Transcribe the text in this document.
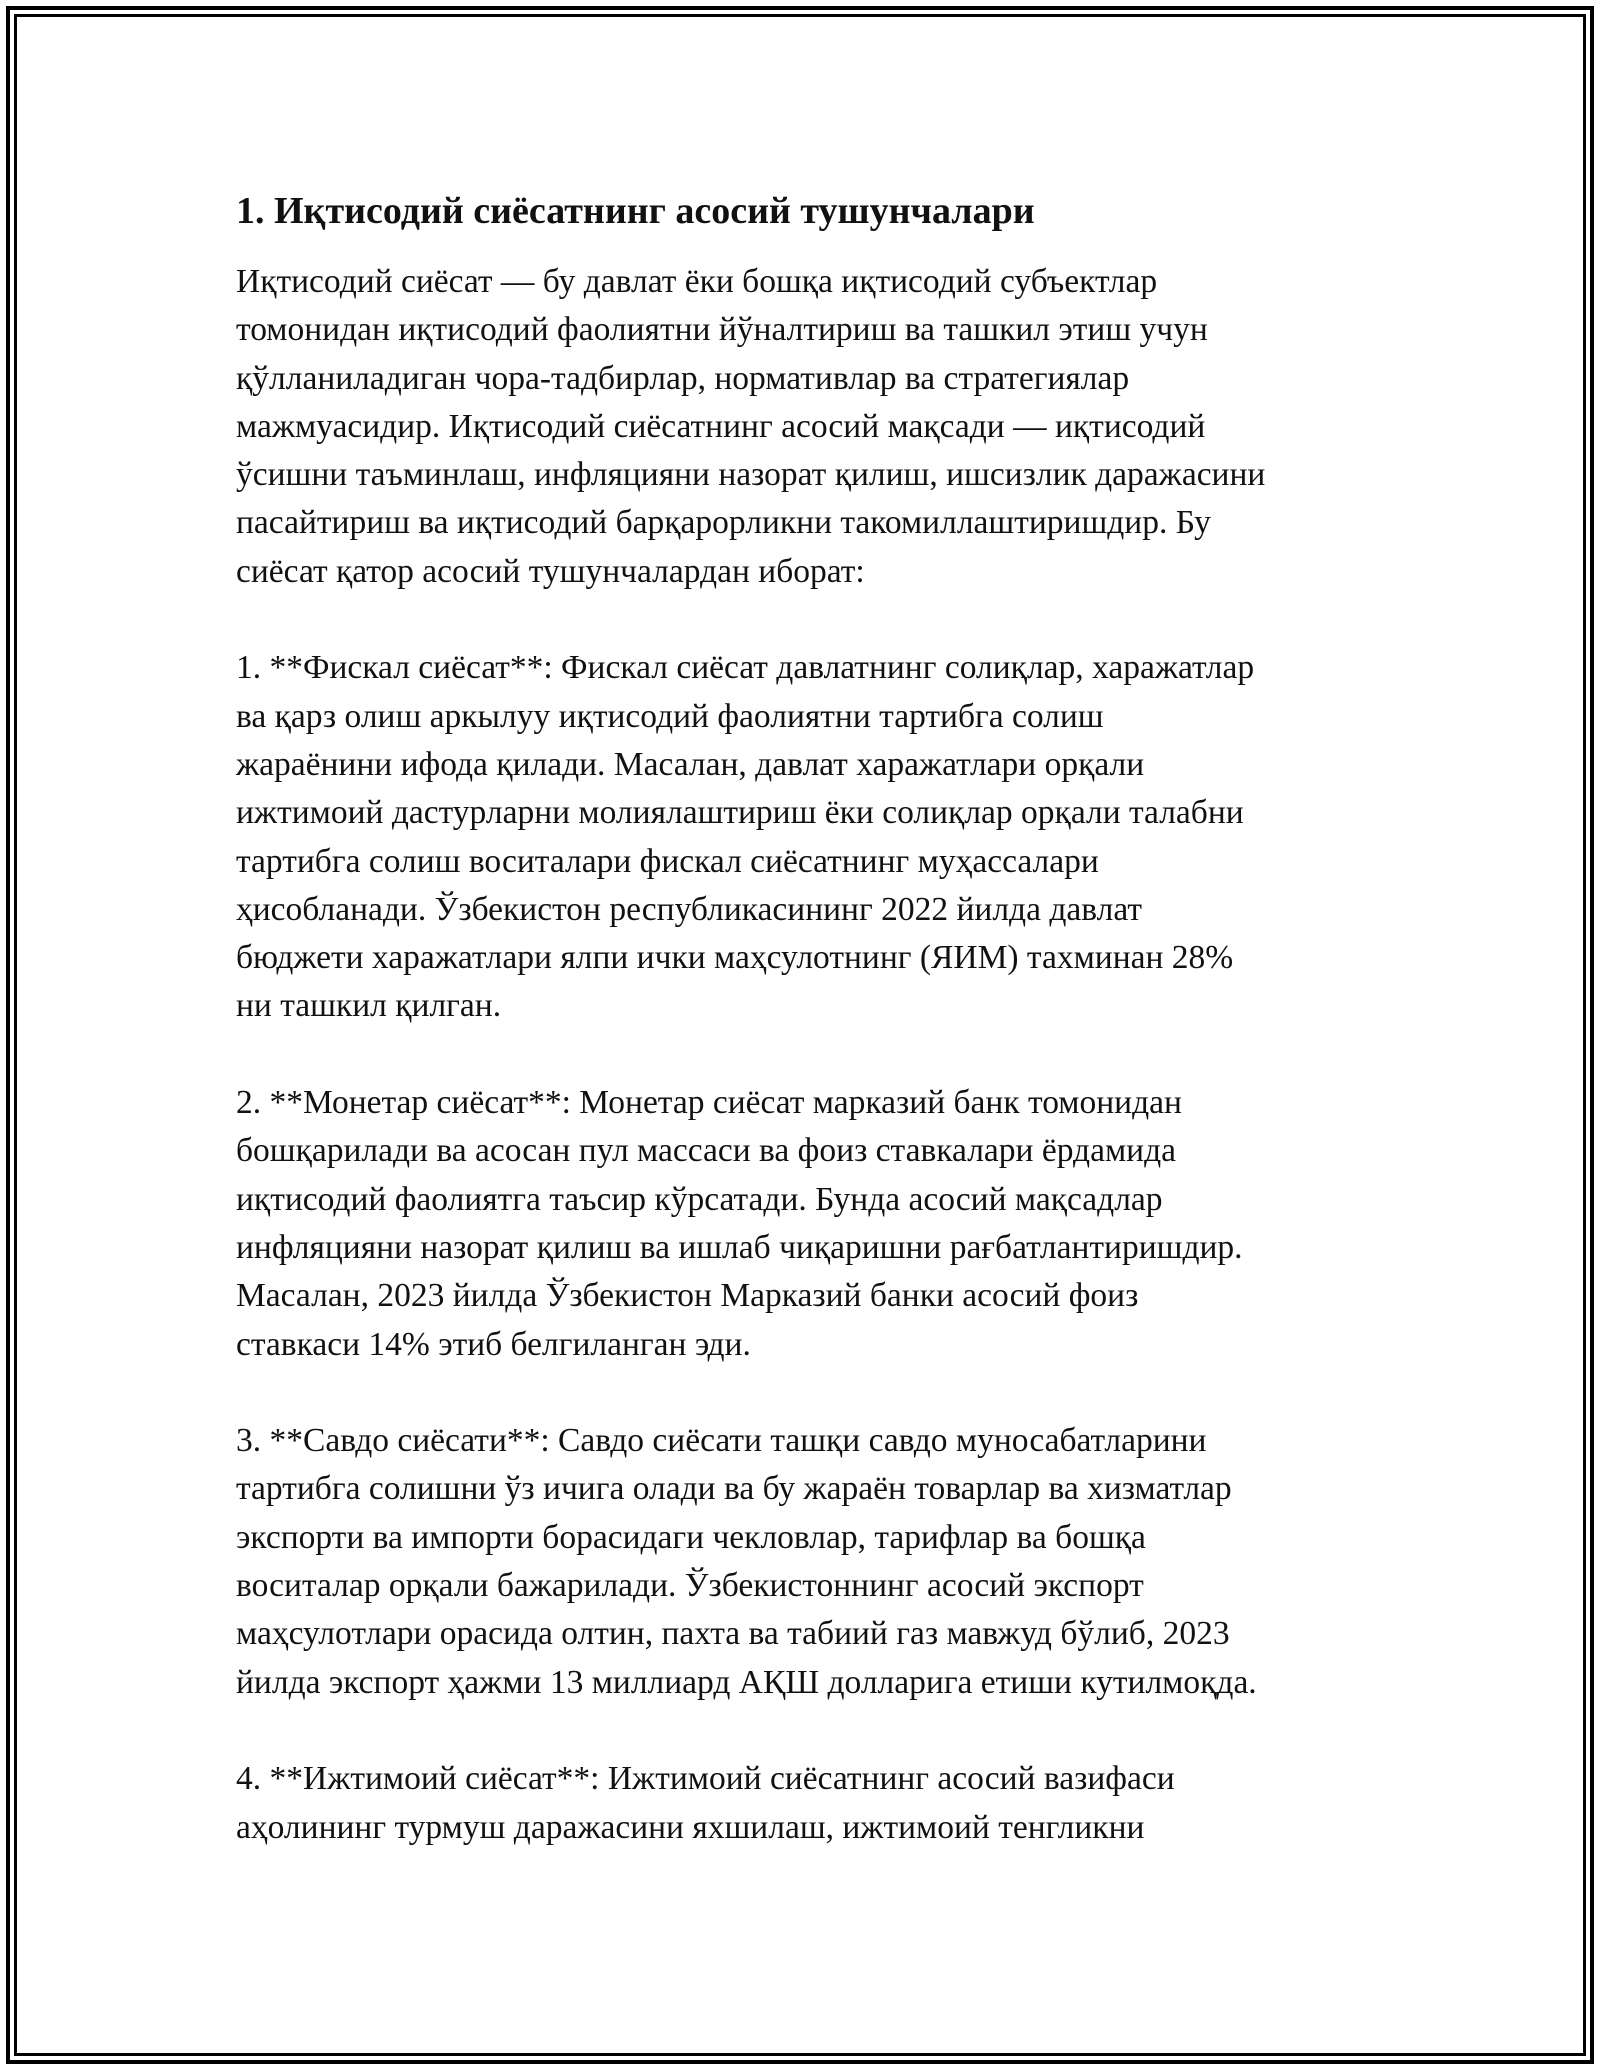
1. Иқтисодий сиёсатнинг асосий тушунчалари
Иқтисодий сиёсат — бу давлат ёки бошқа иқтисодий субъектлар
томонидан иқтисодий фаолиятни йўналтириш ва ташкил этиш учун
қўлланиладиган чора-тадбирлар, нормативлар ва стратегиялар
мажмуасидир. Иқтисодий сиёсатнинг асосий мақсади — иқтисодий
ўсишни таъминлаш, инфляцияни назорат қилиш, ишсизлик даражасини
пасайтириш ва иқтисодий барқарорликни такомиллаштиришдир. Бу
сиёсат қатор асосий тушунчалардан иборат:
1. **Фискал сиёсат**: Фискал сиёсат давлатнинг солиқлар, харажатлар
ва қарз олиш аркылуу иқтисодий фаолиятни тартибга солиш
жараёнини ифода қилади. Масалан, давлат харажатлари орқали
ижтимоий дастурларни молиялаштириш ёки солиқлар орқали талабни
тартибга солиш воситалари фискал сиёсатнинг муҳассалари
ҳисобланади. Ўзбекистон республикасининг 2022 йилда давлат
бюджети харажатлари ялпи ички маҳсулотнинг (ЯИМ) тахминан 28%
ни ташкил қилган.
2. **Монетар сиёсат**: Монетар сиёсат марказий банк томонидан
бошқарилади ва асосан пул массаси ва фоиз ставкалари ёрдамида
иқтисодий фаолиятга таъсир кўрсатади. Бунда асосий мақсадлар
инфляцияни назорат қилиш ва ишлаб чиқаришни рағбатлантиришдир.
Масалан, 2023 йилда Ўзбекистон Марказий банки асосий фоиз
ставкаси 14% этиб белгиланган эди.
3. **Савдо сиёсати**: Савдо сиёсати ташқи савдо муносабатларини
тартибга солишни ўз ичига олади ва бу жараён товарлар ва хизматлар
экспорти ва импорти борасидаги чекловлар, тарифлар ва бошқа
воситалар орқали бажарилади. Ўзбекистоннинг асосий экспорт
маҳсулотлари орасида олтин, пахта ва табиий газ мавжуд бўлиб, 2023
йилда экспорт ҳажми 13 миллиард АҚШ долларига етиши кутилмоқда.
4. **Ижтимоий сиёсат**: Ижтимоий сиёсатнинг асосий вазифаси
аҳолининг турмуш даражасини яхшилаш, ижтимоий тенгликни
